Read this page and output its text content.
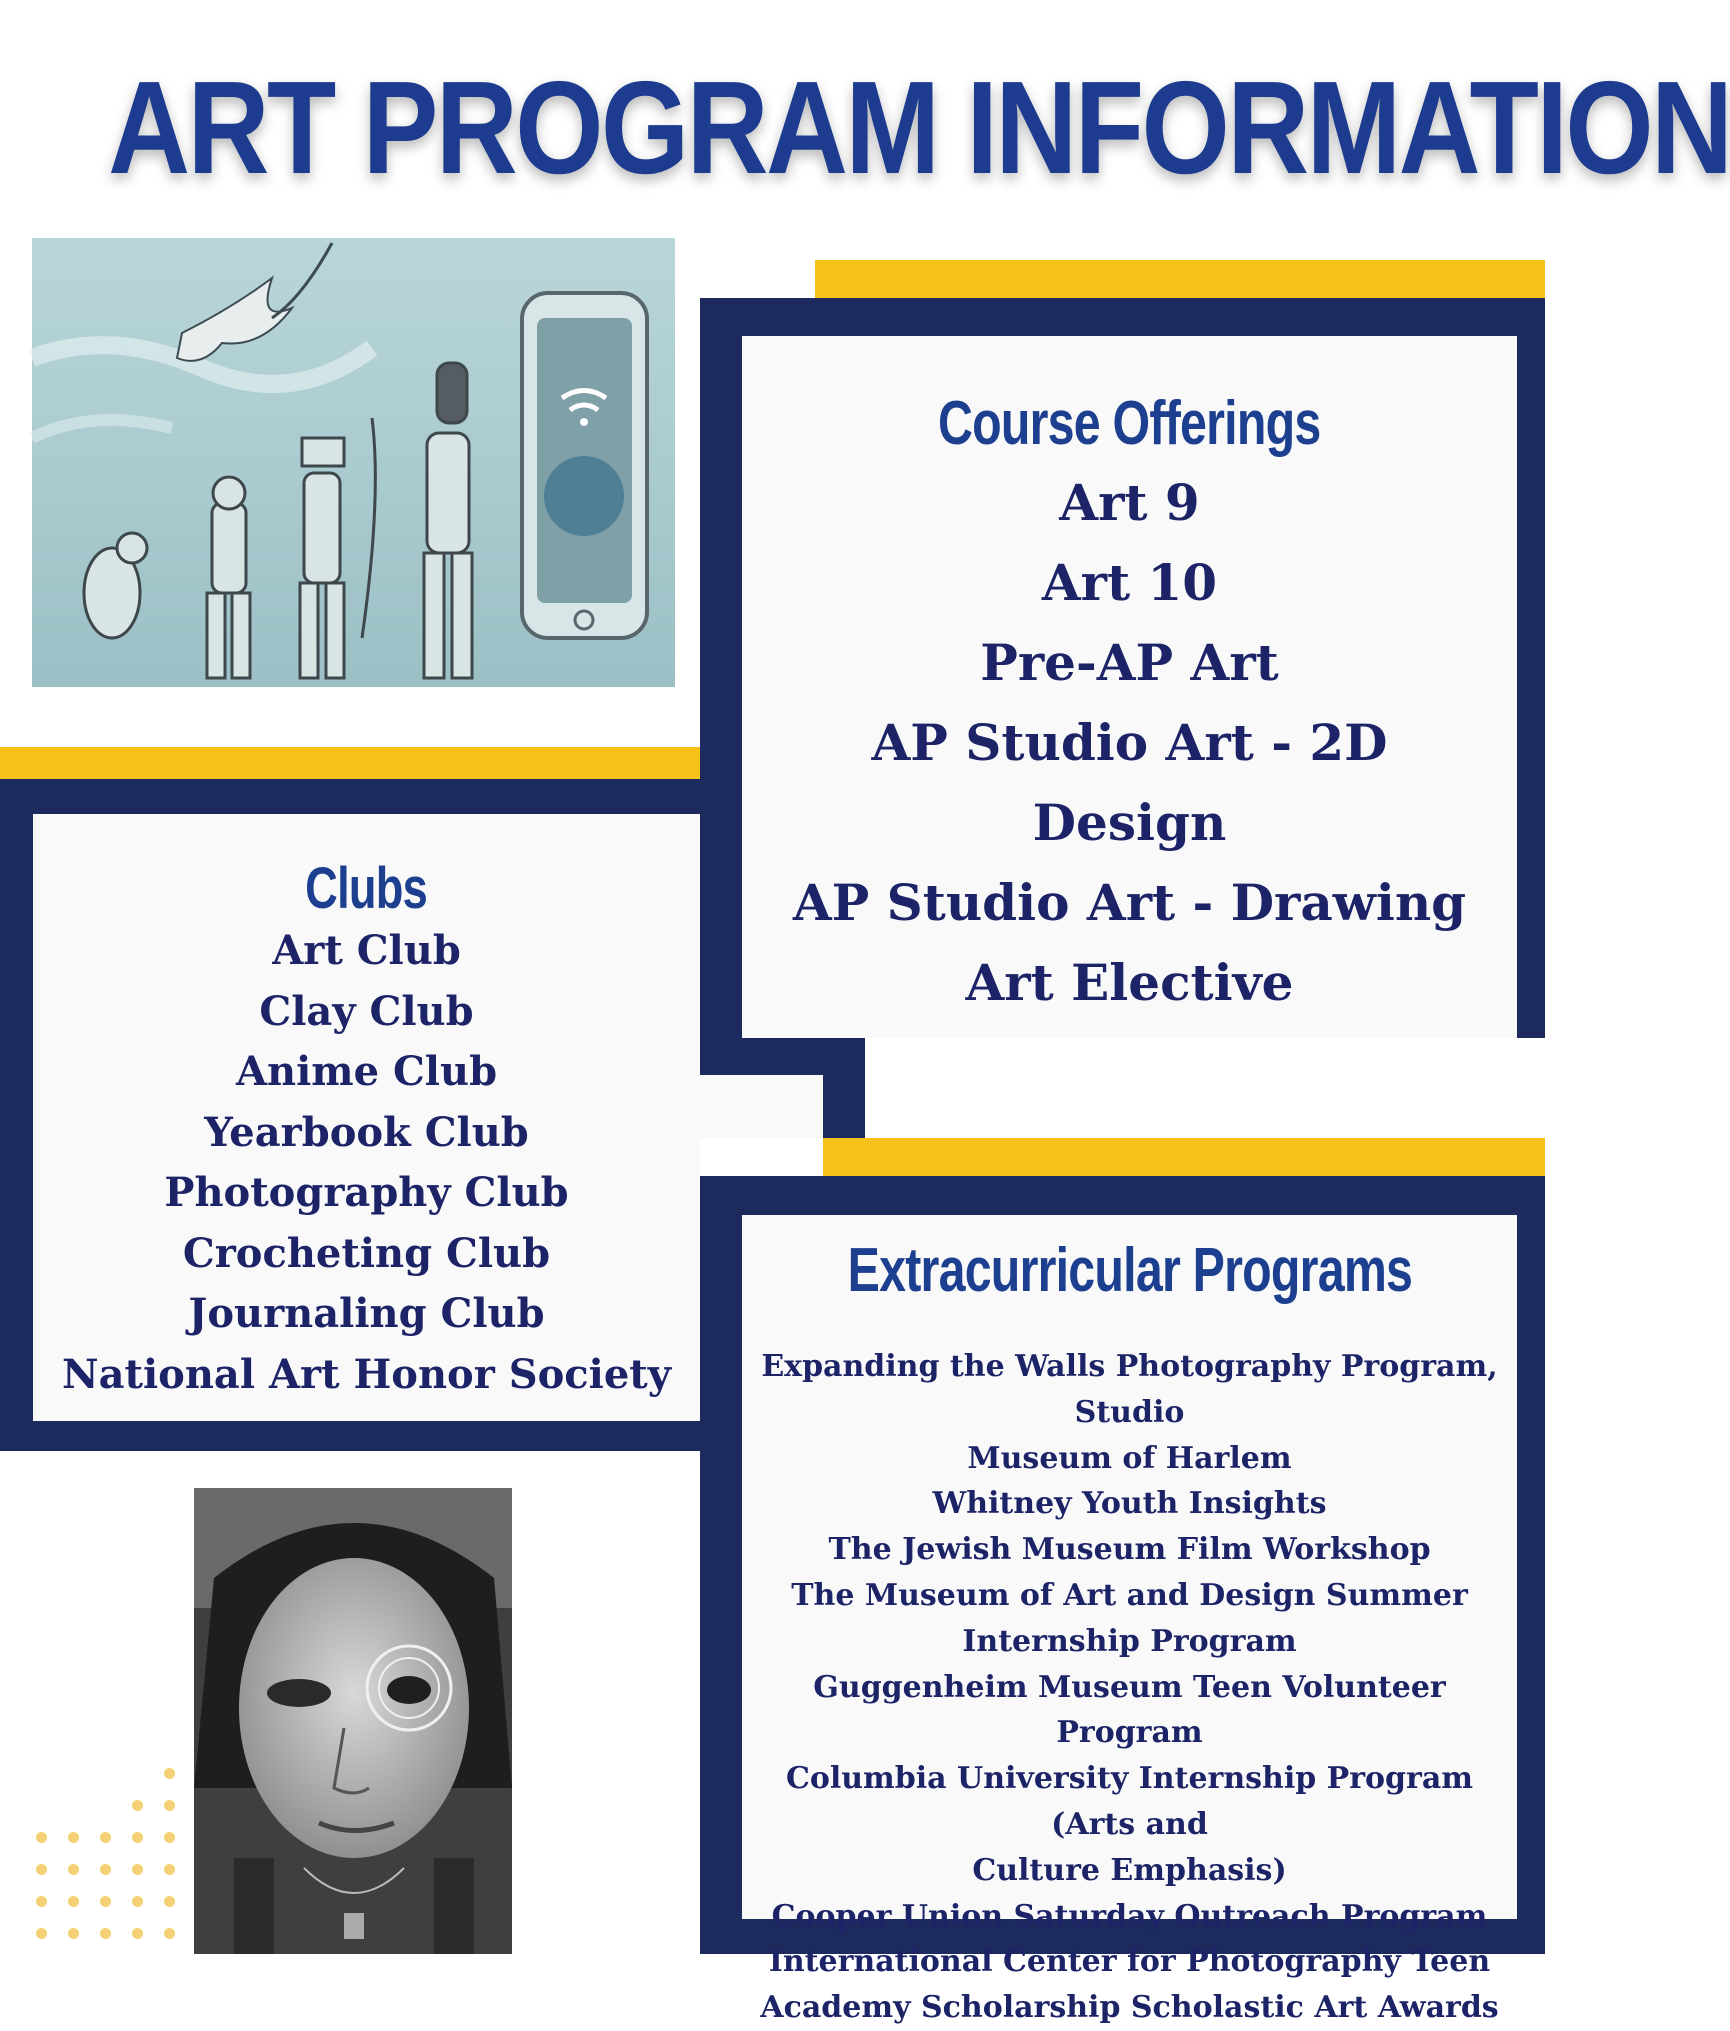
ART PROGRAM INFORMATION
Course Offerings
Art 9
Art 10
Pre-AP Art
AP Studio Art - 2D
Design
AP Studio Art - Drawing
Art Elective
Clubs
Art Club
Clay Club
Anime Club
Yearbook Club
Photography Club
Crocheting Club
Journaling Club
National Art Honor Society
Extracurricular Programs
Expanding the Walls Photography Program, Studio
Museum of Harlem
Whitney Youth Insights
The Jewish Museum Film Workshop
The Museum of Art and Design Summer
Internship Program
Guggenheim Museum Teen Volunteer Program
Columbia University Internship Program (Arts and
Culture Emphasis)
Cooper Union Saturday Outreach Program
International Center for Photography Teen
Academy Scholarship Scholastic Art Awards
